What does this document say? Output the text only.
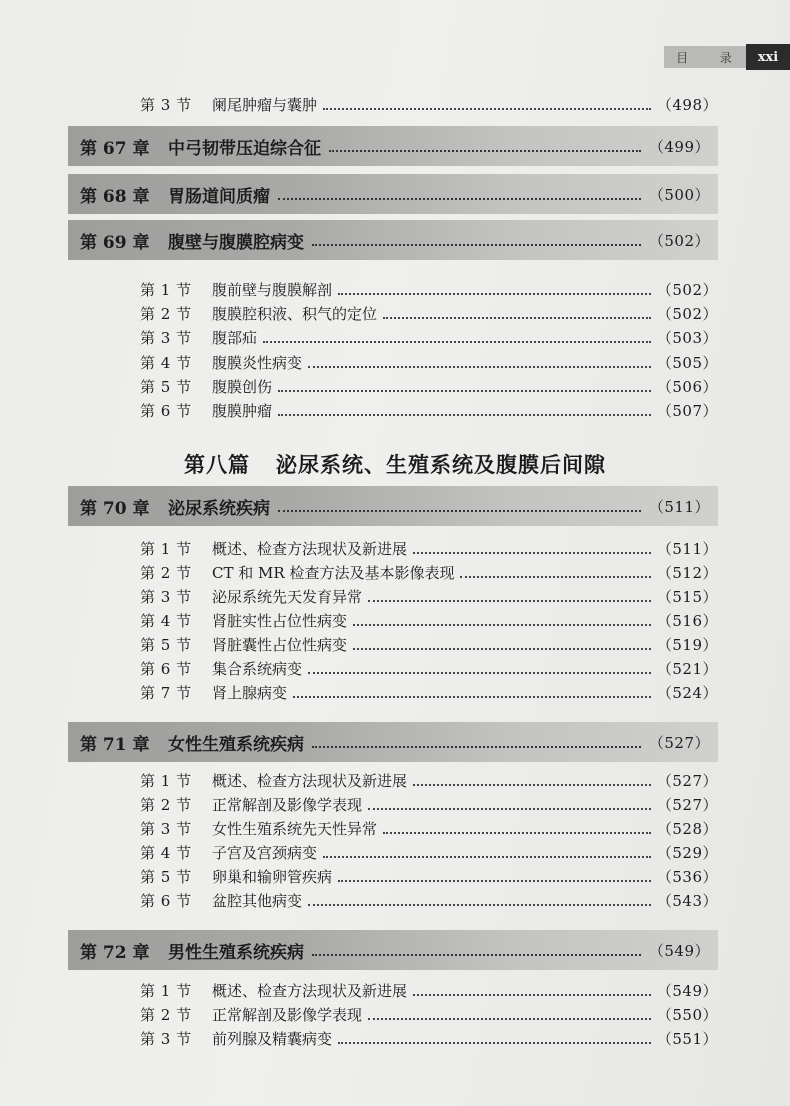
目 录 xxi
第 3 节	阑尾肿瘤与囊肿	（498）
第 67 章	中弓韧带压迫综合征	（499）
第 68 章	胃肠道间质瘤	（500）
第 69 章	腹壁与腹膜腔病变	（502）
第 1 节	腹前壁与腹膜解剖	（502）
第 2 节	腹膜腔积液、积气的定位	（502）
第 3 节	腹部疝	（503）
第 4 节	腹膜炎性病变	（505）
第 5 节	腹膜创伤	（506）
第 6 节	腹膜肿瘤	（507）
第八篇 泌尿系统、生殖系统及腹膜后间隙
第 70 章	泌尿系统疾病	（511）
第 1 节	概述、检查方法现状及新进展	（511）
第 2 节	CT 和 MR 检查方法及基本影像表现	（512）
第 3 节	泌尿系统先天发育异常	（515）
第 4 节	肾脏实性占位性病变	（516）
第 5 节	肾脏囊性占位性病变	（519）
第 6 节	集合系统病变	（521）
第 7 节	肾上腺病变	（524）
第 71 章	女性生殖系统疾病	（527）
第 1 节	概述、检查方法现状及新进展	（527）
第 2 节	正常解剖及影像学表现	（527）
第 3 节	女性生殖系统先天性异常	（528）
第 4 节	子宫及宫颈病变	（529）
第 5 节	卵巢和输卵管疾病	（536）
第 6 节	盆腔其他病变	（543）
第 72 章	男性生殖系统疾病	（549）
第 1 节	概述、检查方法现状及新进展	（549）
第 2 节	正常解剖及影像学表现	（550）
第 3 节	前列腺及精囊病变	（551）
